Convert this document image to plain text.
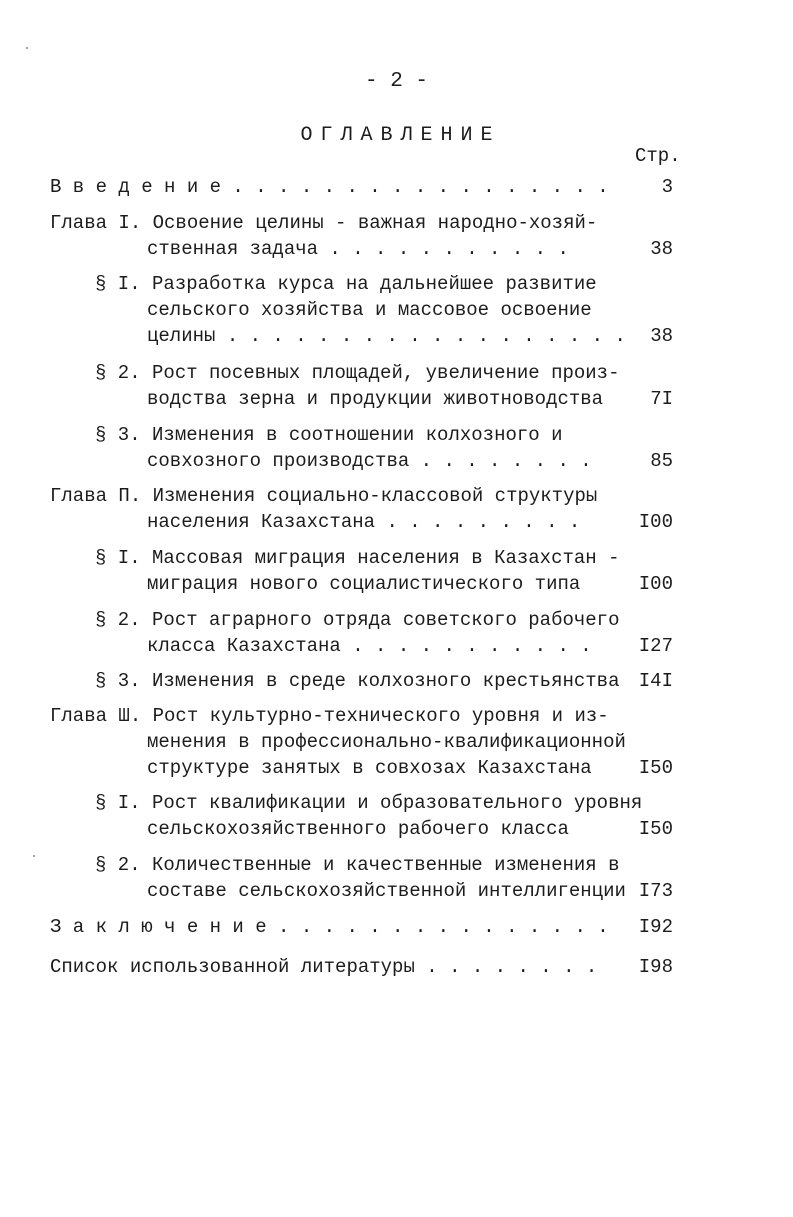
- 2 -
ОГЛАВЛЕНИЕ
Стр.
В в е д е н и е . . . . . . . . . . . . . . . . .	3
Глава I. Освоение целины - важная народно-хозяй-
ственная задача . . . . . . . . . . .	38
§ I. Разработка курса на дальнейшее развитие
сельского хозяйства и массовое освоение
целины . . . . . . . . . . . . . . . . . .	38
§ 2. Рост посевных площадей, увеличение произ-
водства зерна и продукции животноводства	7I
§ 3. Изменения в соотношении колхозного и
совхозного производства . . . . . . . .	85
Глава П. Изменения социально-классовой структуры
населения Казахстана . . . . . . . . .	I00
§ I. Массовая миграция населения в Казахстан -
миграция нового социалистического типа	I00
§ 2. Рост аграрного отряда советского рабочего
класса Казахстана . . . . . . . . . . .	I27
§ 3. Изменения в среде колхозного крестьянства	I4I
Глава Ш. Рост культурно-технического уровня и из-
менения в профессионально-квалификационной
структуре занятых в совхозах Казахстана	I50
§ I. Рост квалификации и образовательного уровня
сельскохозяйственного рабочего класса	I50
§ 2. Количественные и качественные изменения в
составе сельскохозяйственной интеллигенции I73
З а к л ю ч е н и е . . . . . . . . . . . . . . .	I92
Список использованной литературы . . . . . . . .	I98
